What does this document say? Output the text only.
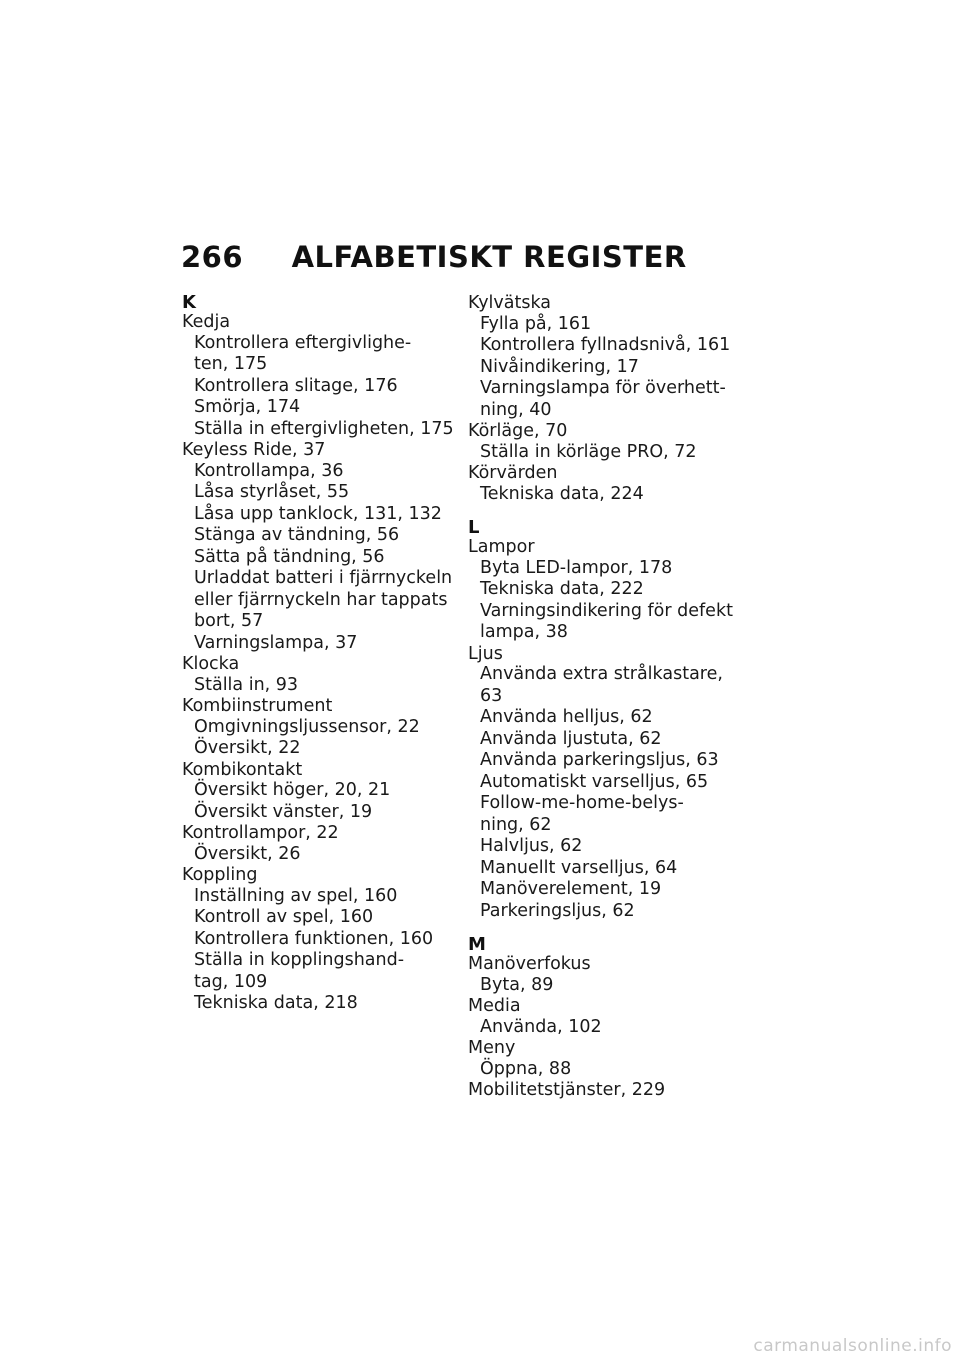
266 ALFABETISKT REGISTER
K
Kedja
Kontrollera eftergivlighe-
ten, 175
Kontrollera slitage, 176
Smörja, 174
Ställa in eftergivligheten, 175
Keyless Ride, 37
Kontrollampa, 36
Låsa styrlåset, 55
Låsa upp tanklock, 131, 132
Stänga av tändning, 56
Sätta på tändning, 56
Urladdat batteri i fjärrnyckeln
eller fjärrnyckeln har tappats
bort, 57
Varningslampa, 37
Klocka
Ställa in, 93
Kombiinstrument
Omgivningsljussensor, 22
Översikt, 22
Kombikontakt
Översikt höger, 20, 21
Översikt vänster, 19
Kontrollampor, 22
Översikt, 26
Koppling
Inställning av spel, 160
Kontroll av spel, 160
Kontrollera funktionen, 160
Ställa in kopplingshand-
tag, 109
Tekniska data, 218
Kylvätska
Fylla på, 161
Kontrollera fyllnadsnivå, 161
Nivåindikering, 17
Varningslampa för överhett-
ning, 40
Körläge, 70
Ställa in körläge PRO, 72
Körvärden
Tekniska data, 224
L
Lampor
Byta LED-lampor, 178
Tekniska data, 222
Varningsindikering för defekt
lampa, 38
Ljus
Använda extra strålkastare, 63
Använda helljus, 62
Använda ljustuta, 62
Använda parkeringsljus, 63
Automatiskt varselljus, 65
Follow-me-home-belys-
ning, 62
Halvljus, 62
Manuellt varselljus, 64
Manöverelement, 19
Parkeringsljus, 62
M
Manöverfokus
Byta, 89
Media
Använda, 102
Meny
Öppna, 88
Mobilitetstjänster, 229
carmanualsonline.info
